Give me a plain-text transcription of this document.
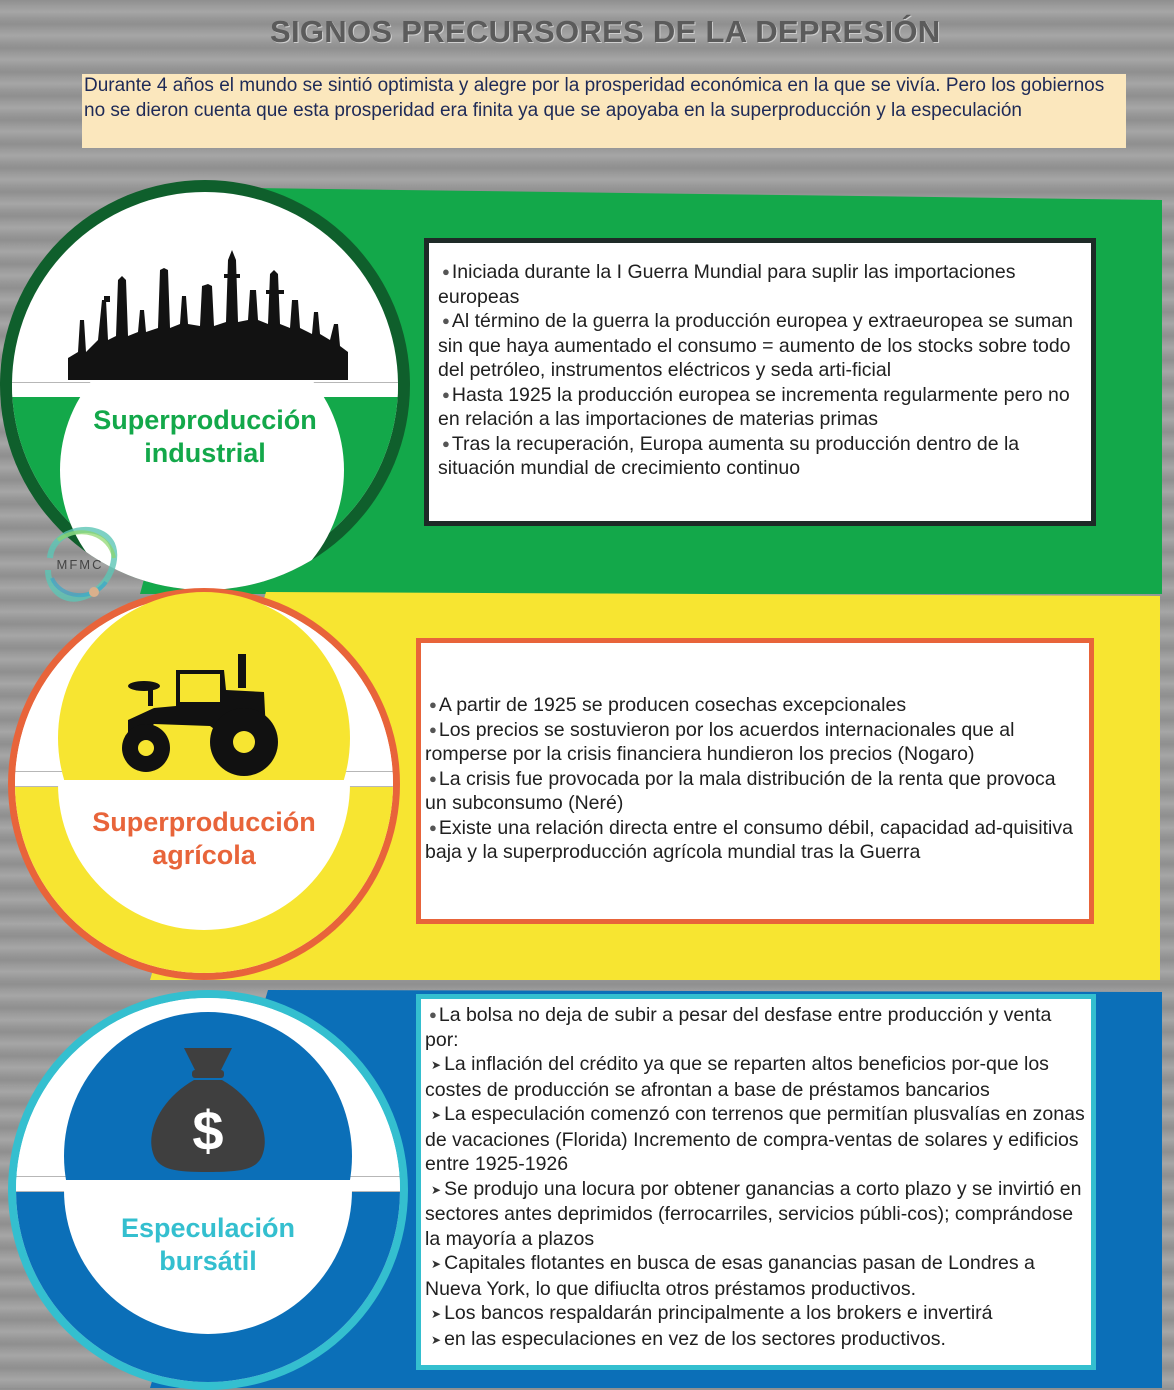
SIGNOS PRECURSORES DE LA DEPRESIÓN
Durante 4 años el mundo se sintió optimista y alegre por la prosperidad económica en la que se vivía. Pero los gobiernos no se dieron cuenta que esta prosperidad era finita ya que se apoyaba en la superproducción y la especulación
Superproducción
industrial

● Iniciada durante la I Guerra Mundial para suplir las importaciones europeas

● Al término de la guerra la producción europea y extraeuropea se suman sin que haya aumentado el consumo = aumento de los stocks sobre todo del petróleo, instrumentos eléctricos y seda arti-ficial

● Hasta 1925 la producción europea se incrementa regularmente pero no en relación a las importaciones de materias primas

● Tras la recuperación, Europa aumenta su producción dentro de la situación mundial de crecimiento continuo

MFMC
Superproducción
agrícola

● A partir de 1925 se producen cosechas excepcionales

● Los precios se sostuvieron por los acuerdos internacionales que al romperse por la crisis financiera hundieron los precios (Nogaro)

● La crisis fue provocada por la mala distribución de la renta que provoca un subconsumo (Neré)

● Existe una relación directa entre el consumo débil, capacidad ad-quisitiva baja y la superproducción agrícola mundial tras la Guerra

$
Especulación
bursátil

● La bolsa no deja de subir a pesar del desfase entre producción y venta por:

➤ La inflación del crédito ya que se reparten altos beneficios por-que los costes de producción se afrontan a base de préstamos bancarios

➤ La especulación comenzó con terrenos que permitían plusvalías en zonas de vacaciones (Florida) Incremento de compra-ventas de solares y edificios entre 1925-1926

➤ Se produjo una locura por obtener ganancias a corto plazo y se invirtió en sectores antes deprimidos (ferrocarriles, servicios públi-cos); comprándose la mayoría a plazos

➤ Capitales flotantes en busca de esas ganancias pasan de Londres a Nueva York, lo que difiuclta otros préstamos productivos.

➤ Los bancos respaldarán principalmente a los brokers e invertirá

➤ en las especulaciones en vez de los sectores productivos.
